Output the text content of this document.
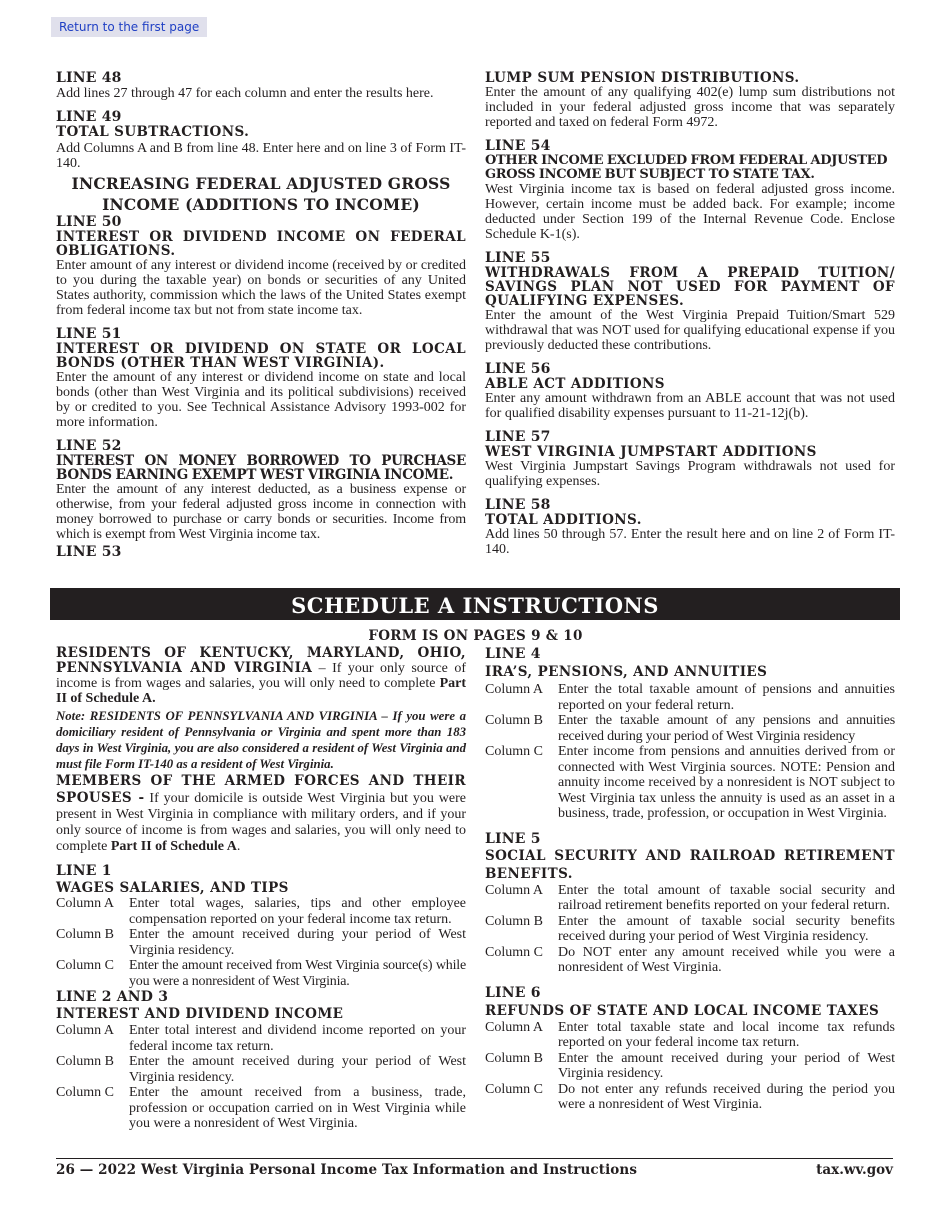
Return to the first page
LINE 48
Add lines 27 through 47 for each column and enter the results here.
LINE 49
TOTAL SUBTRACTIONS.
Add Columns A and B from line 48. Enter here and on line 3 of Form IT-140.
INCREASING FEDERAL ADJUSTED GROSS
INCOME (ADDITIONS TO INCOME)
LINE 50
INTEREST OR DIVIDEND INCOME ON FEDERAL OBLIGATIONS.
Enter amount of any interest or dividend income (received by or credited to you during the taxable year) on bonds or securities of any United States authority, commission which the laws of the United States exempt from federal income tax but not from state income tax.
LINE 51
INTEREST OR DIVIDEND ON STATE OR LOCAL BONDS (OTHER THAN WEST VIRGINIA).
Enter the amount of any interest or dividend income on state and local bonds (other than West Virginia and its political subdivisions) received by or credited to you. See Technical Assistance Advisory 1993-002 for more information.
LINE 52
INTEREST ON MONEY BORROWED TO PURCHASE BONDS EARNING EXEMPT WEST VIRGINIA INCOME.
Enter the amount of any interest deducted, as a business expense or otherwise, from your federal adjusted gross income in connection with money borrowed to purchase or carry bonds or securities. Income from which is exempt from West Virginia income tax.
LINE 53
LUMP SUM PENSION DISTRIBUTIONS.
Enter the amount of any qualifying 402(e) lump sum distributions not included in your federal adjusted gross income that was separately reported and taxed on federal Form 4972.
LINE 54
OTHER INCOME EXCLUDED FROM FEDERAL ADJUSTED GROSS INCOME BUT SUBJECT TO STATE TAX.
West Virginia income tax is based on federal adjusted gross income. However, certain income must be added back. For example; income deducted under Section 199 of the Internal Revenue Code. Enclose Schedule K-1(s).
LINE 55
WITHDRAWALS FROM A PREPAID TUITION/ SAVINGS PLAN NOT USED FOR PAYMENT OF QUALIFYING EXPENSES.
Enter the amount of the West Virginia Prepaid Tuition/Smart 529 withdrawal that was NOT used for qualifying educational expense if you previously deducted these contributions.
LINE 56
ABLE ACT ADDITIONS
Enter any amount withdrawn from an ABLE account that was not used for qualified disability expenses pursuant to 11-21-12j(b).
LINE 57
WEST VIRGINIA JUMPSTART ADDITIONS
West Virginia Jumpstart Savings Program withdrawals not used for qualifying expenses.
LINE 58
TOTAL ADDITIONS.
Add lines 50 through 57. Enter the result here and on line 2 of Form IT-140.
SCHEDULE A INSTRUCTIONS
FORM IS ON PAGES 9 & 10
RESIDENTS OF KENTUCKY, MARYLAND, OHIO, PENNSYLVANIA AND VIRGINIA – If your only source of income is from wages and salaries, you will only need to complete Part II of Schedule A.
Note: RESIDENTS OF PENNSYLVANIA AND VIRGINIA – If you were a domiciliary resident of Pennsylvania or Virginia and spent more than 183 days in West Virginia, you are also considered a resident of West Virginia and must file Form IT-140 as a resident of West Virginia.
MEMBERS OF THE ARMED FORCES AND THEIR SPOUSES - If your domicile is outside West Virginia but you were present in West Virginia in compliance with military orders, and if your only source of income is from wages and salaries, you will only need to complete Part II of Schedule A.
LINE 1
WAGES SALARIES, AND TIPS
Column A	Enter total wages, salaries, tips and other employee compensation reported on your federal income tax return.
Column B	Enter the amount received during your period of West Virginia residency.
Column C	Enter the amount received from West Virginia source(s) while you were a nonresident of West Virginia.
LINE 2 AND 3
INTEREST AND DIVIDEND INCOME
Column A	Enter total interest and dividend income reported on your federal income tax return.
Column B	Enter the amount received during your period of West Virginia residency.
Column C	Enter the amount received from a business, trade, profession or occupation carried on in West Virginia while you were a nonresident of West Virginia.
LINE 4
IRA’S, PENSIONS, AND ANNUITIES
Column A	Enter the total taxable amount of pensions and annuities reported on your federal return.
Column B	Enter the taxable amount of any pensions and annuities received during your period of West Virginia residency
Column C	Enter income from pensions and annuities derived from or connected with West Virginia sources. NOTE: Pension and annuity income received by a nonresident is NOT subject to West Virginia tax unless the annuity is used as an asset in a business, trade, profession, or occupation in West Virginia.
LINE 5
SOCIAL SECURITY AND RAILROAD RETIREMENT BENEFITS.
Column A	Enter the total amount of taxable social security and railroad retirement benefits reported on your federal return.
Column B	Enter the amount of taxable social security benefits received during your period of West Virginia residency.
Column C	Do NOT enter any amount received while you were a nonresident of West Virginia.
LINE 6
REFUNDS OF STATE AND LOCAL INCOME TAXES
Column A	Enter total taxable state and local income tax refunds reported on your federal income tax return.
Column B	Enter the amount received during your period of West Virginia residency.
Column C	Do not enter any refunds received during the period you were a nonresident of West Virginia.
26 — 2022 West Virginia Personal Income Tax Information and Instructions	tax.wv.gov
